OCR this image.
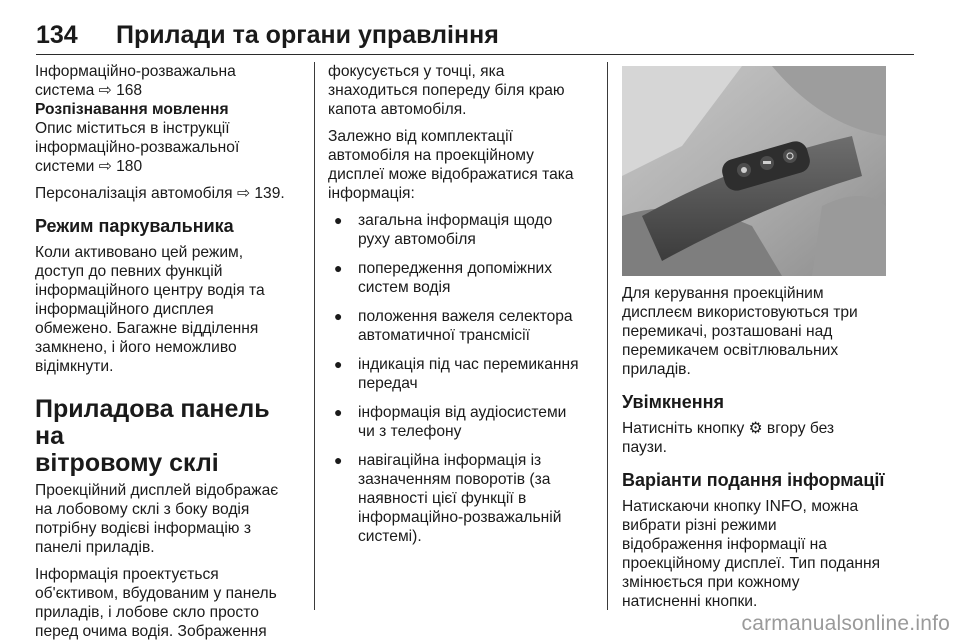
134 Прилади та органи управління

Інформаційно-розважальна
система ⇨ 168

Розпізнавання мовлення

Опис міститься в інструкції
інформаційно-розважальної
системи ⇨ 180

Персоналізація автомобіля ⇨ 139.

Режим паркувальника

Коли активовано цей режим,
доступ до певних функцій
інформаційного центру водія та
інформаційного дисплея
обмежено. Багажне відділення
замкнено, і його неможливо
відімкнути.

Приладова панель на
вітровому склі

Проекційний дисплей відображає
на лобовому склі з боку водія
потрібну водієві інформацію з
панелі приладів.

Інформація проектується
об'єктивом, вбудованим у панель
приладів, і лобове скло просто
перед очима водія. Зображення

фокусується у точці, яка
знаходиться попереду біля краю
капота автомобіля.

Залежно від комплектації
автомобіля на проекційному
дисплеї може відображатися така
інформація:

● загальна інформація щодо
руху автомобіля
● попередження допоміжних
систем водія
● положення важеля селектора
автоматичної трансмісії
● індикація під час перемикання
передач
● інформація від аудіосистеми
чи з телефону
● навігаційна інформація із
зазначенням поворотів (за
наявності цієї функції в
інформаційно-розважальній
системі).

Для керування проекційним
дисплеєм використовуються три
перемикачі, розташовані над
перемикачем освітлювальних
приладів.

Увімкнення

Натисніть кнопку ⚙ вгору без
паузи.

Варіанти подання інформації

Натискаючи кнопку INFO, можна
вибрати різні режими
відображення інформації на
проекційному дисплеї. Тип подання
змінюється при кожному
натисненні кнопки.

carmanualsonline.info
